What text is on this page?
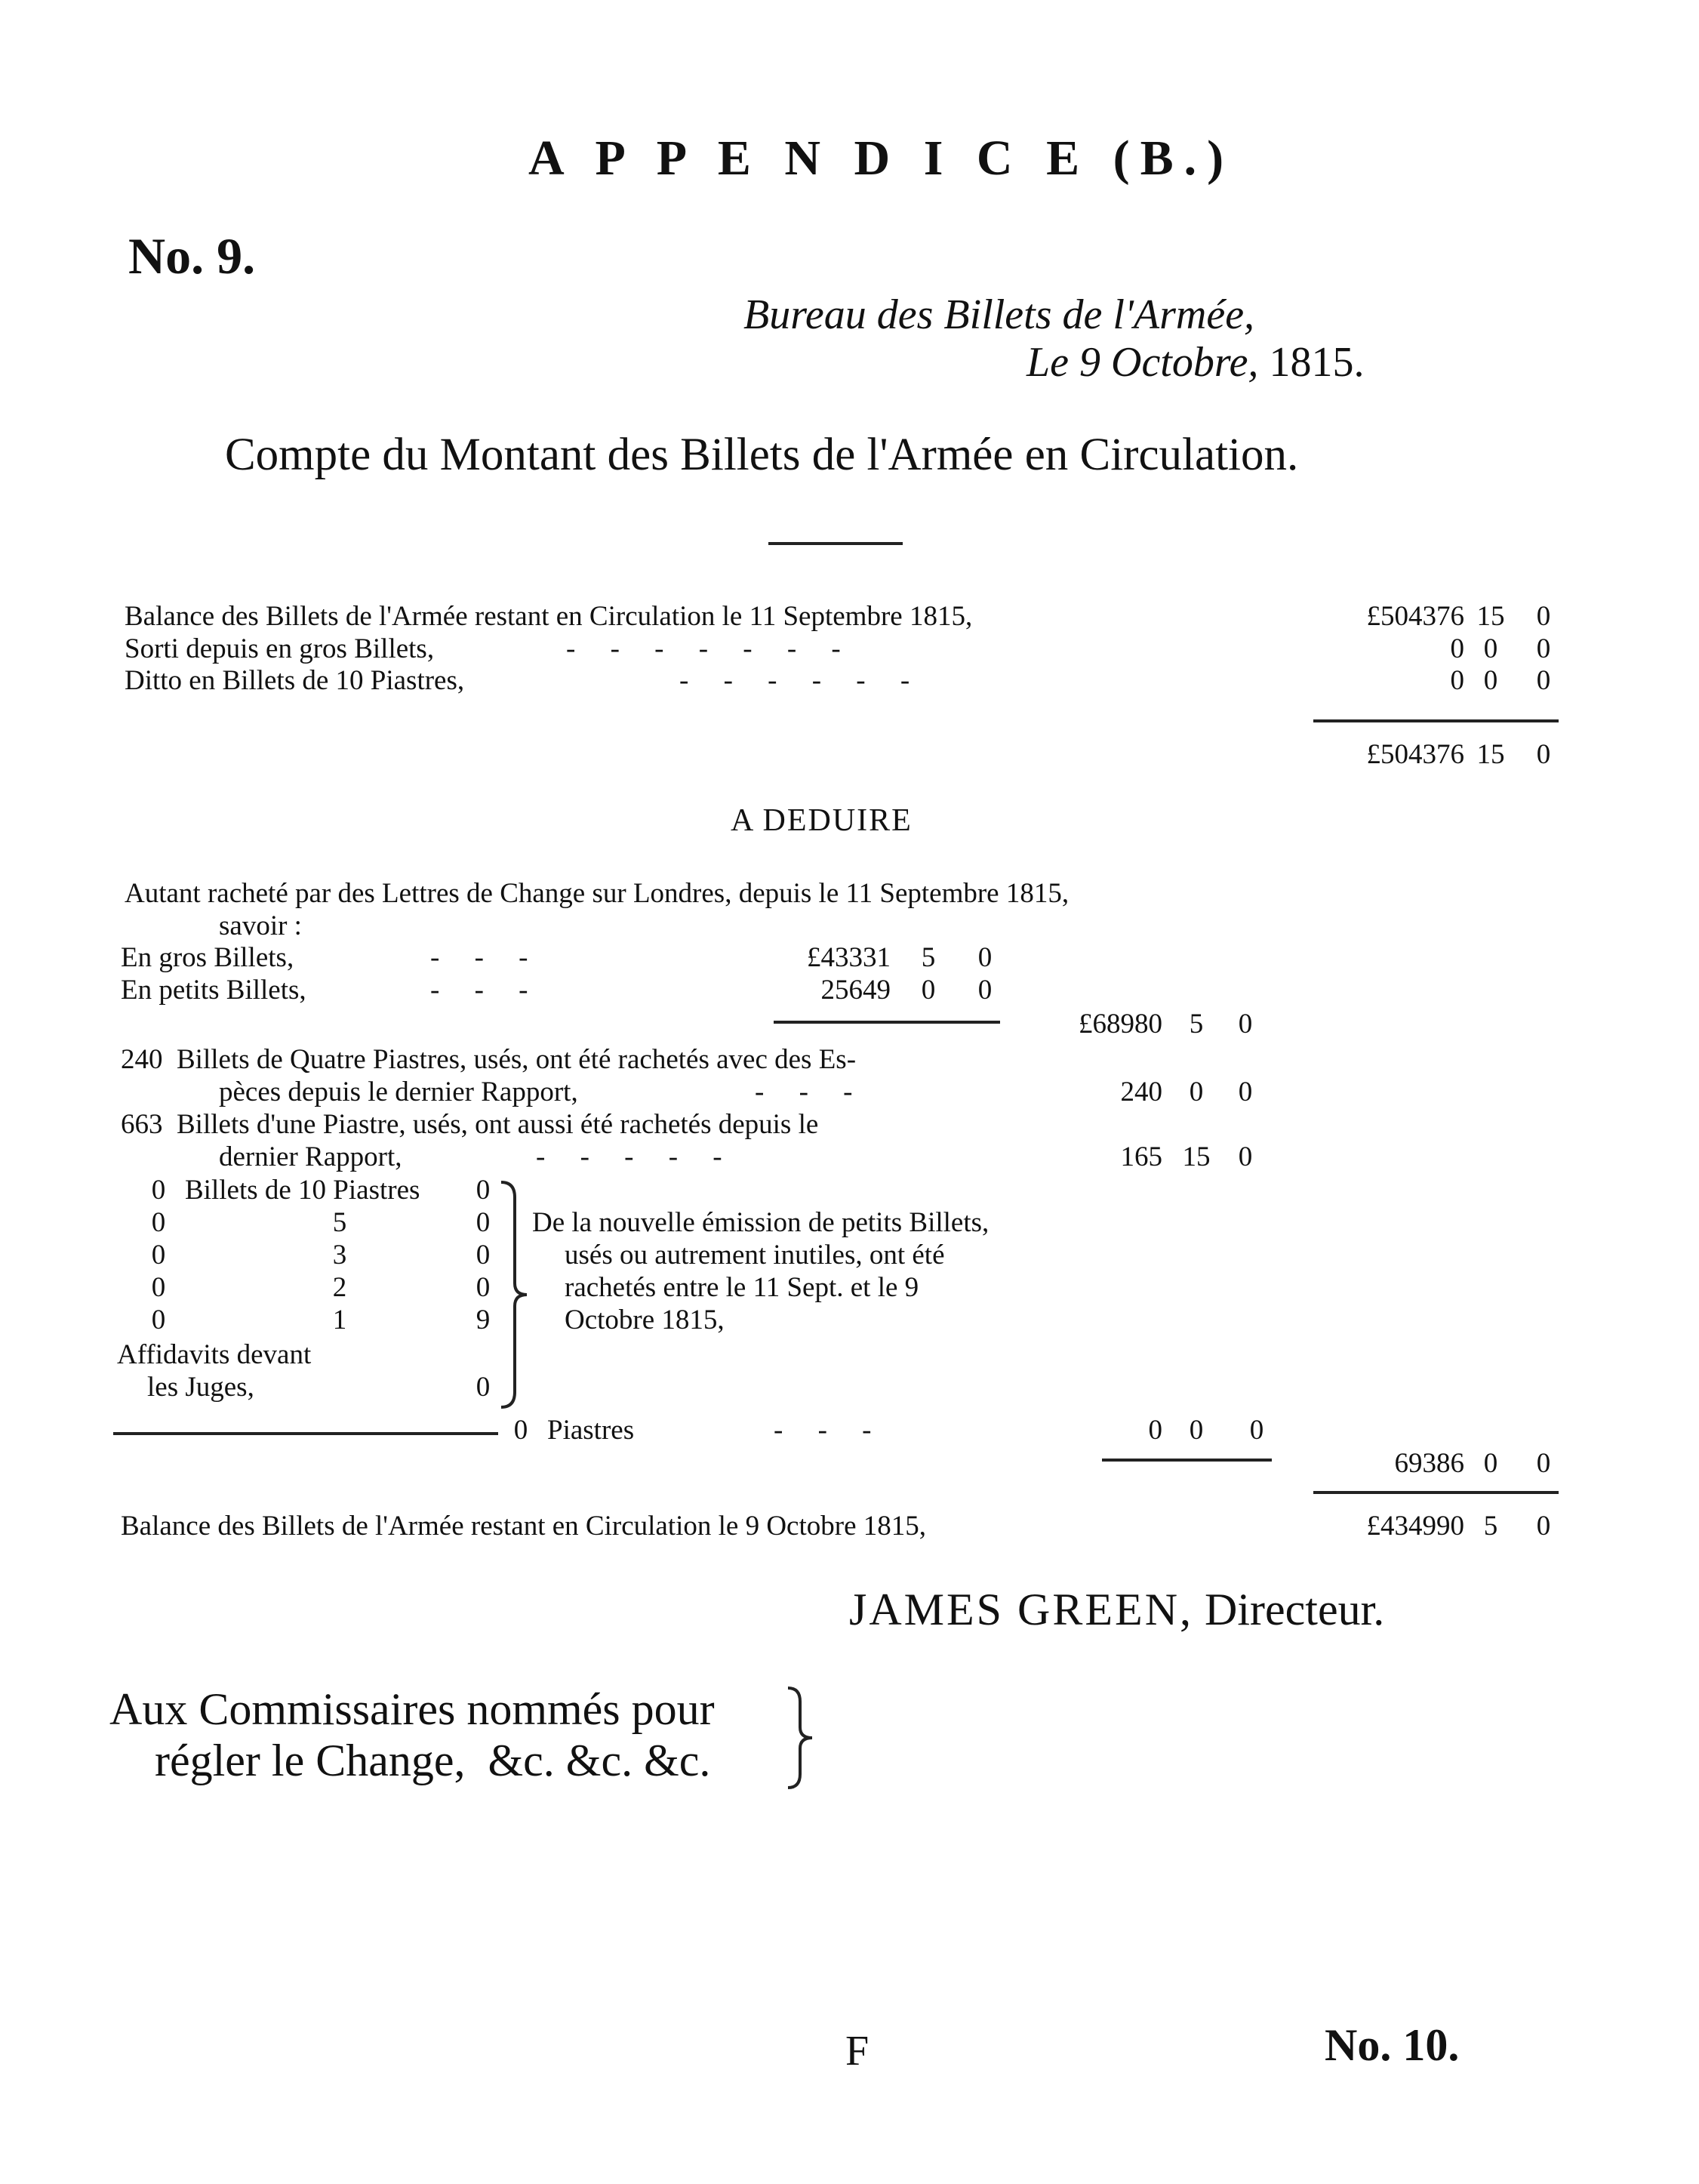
A P P E N D I C E (B.)
No. 9.
Bureau des Billets de l'Armée,
Le 9 Octobre, 1815.
Compte du Montant des Billets de l'Armée en Circulation.
Balance des Billets de l'Armée restant en Circulation le 11 Septembre 1815,	£504376 15	0
Sorti depuis en gros Billets,	-     -     -     -     -     -     -	0 0	0
Ditto en Billets de 10 Piastres,	-     -     -     -     -     -	0 0	0
£504376 15	0
A DEDUIRE
Autant racheté par des Lettres de Change sur Londres, depuis le 11 Septembre 1815,
savoir :
En gros Billets,	-     -     -	£43331 5 0
En petits Billets,	-     -     -	25649 0 0
£68980 5	0
240  Billets de Quatre Piastres, usés, ont été rachetés avec des Es-
pèces depuis le dernier Rapport,	-     -     -	240 0	0
663  Billets d'une Piastre, usés, ont aussi été rachetés depuis le
dernier Rapport,	-     -     -     -     -	165 15	0
0 Billets de 10 Piastres 0
0	5	0
0	3	0
0	2	0
0	1	9
Affidavits devant
les Juges,	0
De la nouvelle émission de petits Billets,
usés ou autrement inutiles, ont été
rachetés entre le 11 Sept. et le 9
Octobre 1815,
0 Piastres	-     -     -	0 0	0
69386 0	0
Balance des Billets de l'Armée restant en Circulation le 9 Octobre 1815,	£434990 5	0
JAMES GREEN, Directeur.
Aux Commissaires nommés pour
régler le Change,  &c. &c. &c.
F	No. 10.
